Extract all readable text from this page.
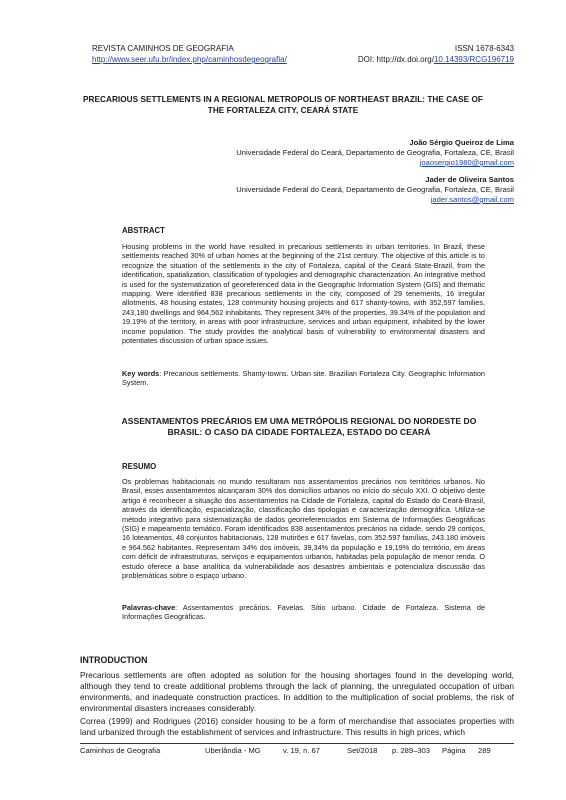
REVISTA CAMINHOS DE GEOGRAFIA	ISSN 1678-6343
http://www.seer.ufu.br/index.php/caminhosdegeografia/	DOI: http://dx.doi.org/10.14393/RCG196719
PRECARIOUS SETTLEMENTS IN A REGIONAL METROPOLIS OF NORTHEAST BRAZIL: THE CASE OF THE FORTALEZA CITY, CEARÁ STATE
João Sérgio Queiroz de Lima
Universidade Federal do Ceará, Departamento de Geografia, Fortaleza, CE, Brasil
joaosergio1980@gmail.com
Jader de Oliveira Santos
Universidade Federal do Ceará, Departamento de Geografia, Fortaleza, CE, Brasil
jader.santos@gmail.com
ABSTRACT
Housing problems in the world have resulted in precarious settlements in urban territories. In Brazil, these settlements reached 30% of urban homes at the beginning of the 21st century. The objective of this article is to recognize the situation of the settlements in the city of Fortaleza, capital of the Ceará State-Brazil, from the identification, spatialization, classification of typologies and demographic characterization. An integrative method is used for the systematization of georeferenced data in the Geographic Information System (GIS) and thematic mapping. Were identified 838 precarious settlements in the city, composed of 29 tenements, 16 irregular allotments, 48 housing estates, 128 community housing projects and 617 shanty-towns, with 352,597 families, 243,180 dwellings and 964,562 inhabitants. They represent 34% of the properties, 39.34% of the population and 19.19% of the territory, in areas with poor infrastructure, services and urban equipment, inhabited by the lower income population. The study provides the analytical basis of vulnerability to environmental disasters and potentiates discussion of urban space issues.
Key words: Precarious settlements. Shanty-towns. Urban site. Brazilian Fortaleza City. Geographic Information System.
ASSENTAMENTOS PRECÁRIOS EM UMA METRÓPOLIS REGIONAL DO NORDESTE DO BRASIL: O CASO DA CIDADE FORTALEZA, ESTADO DO CEARÁ
RESUMO
Os problemas habitacionais no mundo resultaram nos assentamentos precários nos territórios urbanos. No Brasil, esses assentamentos alcançaram 30% dos domicílios urbanos no início do século XXI. O objetivo deste artigo é reconhecer a situação dos assentamentos na Cidade de Fortaleza, capital do Estado do Ceará-Brasil, através da identificação, espacialização, classificação das tipologias e caracterização demográfica. Utiliza-se método integrativo para sistematização de dados georreferenciados em Sistema de Informações Geográficas (SIG) e mapeamento temático. Foram identificados 838 assentamentos precários na cidade, sendo 29 cortiços, 16 loteamentos, 48 conjuntos habitacionais, 128 mutirões e 617 favelas, com 352.597 famílias, 243.180 imóveis e 964.562 habitantes. Representam 34% dos imóveis, 39,34% da população e 19,19% do território, em áreas com déficit de infraestruturas, serviços e equipamentos urbanos, habitadas pela população de menor renda. O estudo oferece a base analítica da vulnerabilidade aos desastres ambientais e potencializa discussão das problemáticas sobre o espaço urbano.
Palavras-chave: Assentamentos precários. Favelas. Sítio urbano. Cidade de Fortaleza. Sistema de Informações Geográficas.
INTRODUCTION
Precarious settlements are often adopted as solution for the housing shortages found in the developing world, although they tend to create additional problems through the lack of planning, the unregulated occupation of urban environments, and inadequate construction practices. In addition to the multiplication of social problems, the risk of environmental disasters increases considerably.
Correa (1999) and Rodrigues (2016) consider housing to be a form of merchandise that associates properties with land urbanized through the establishment of services and infrastructure. This results in high prices, which
Caminhos de Geografia	Uberlândia - MG	v. 19, n. 67	Set/2018	p. 289–303	Página	289
